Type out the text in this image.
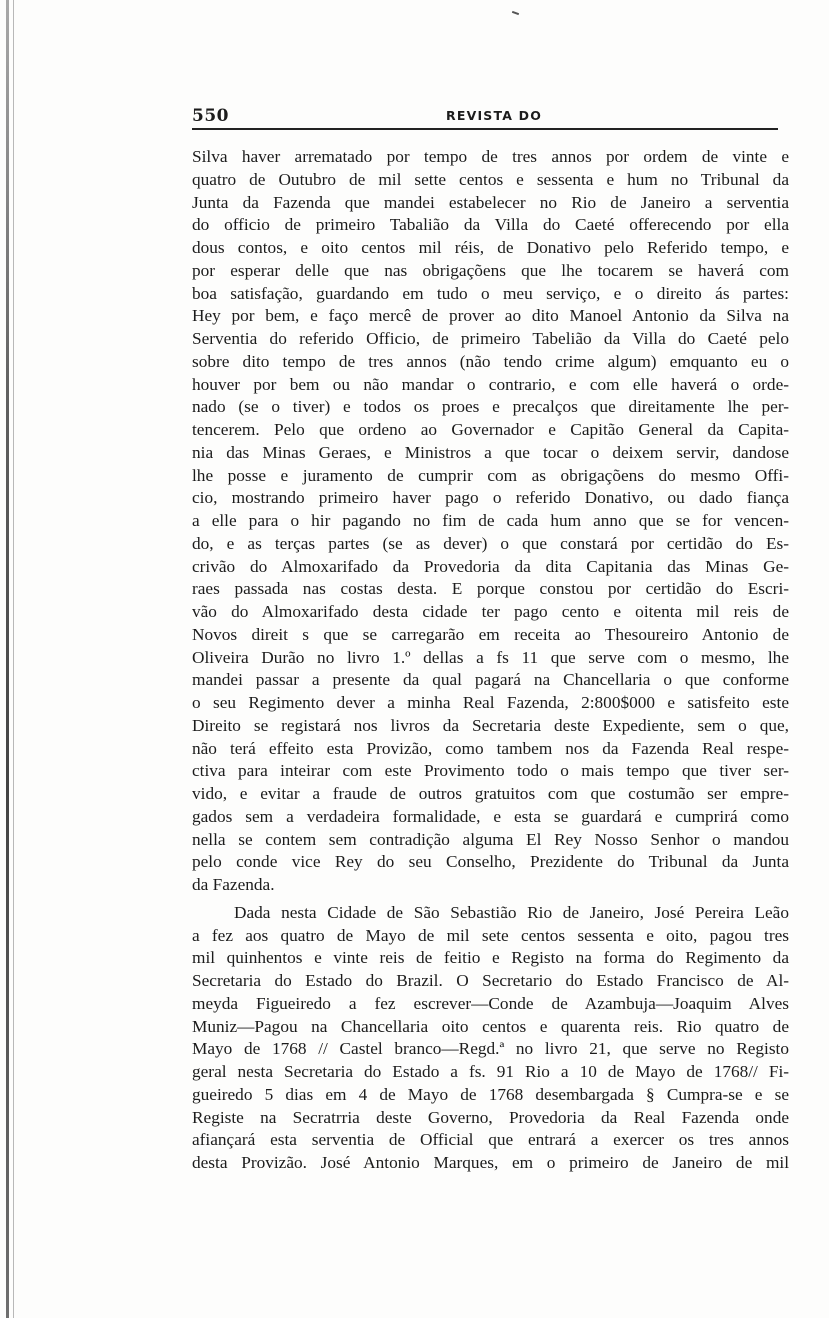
550	REVISTA DO
Silva haver arrematado por tempo de tres annos por ordem de vinte e
quatro de Outubro de mil sette centos e sessenta e hum no Tribunal da
Junta da Fazenda que mandei estabelecer no Rio de Janeiro a serventia
do officio de primeiro Tabalião da Villa do Caeté offerecendo por ella
dous contos, e oito centos mil réis, de Donativo pelo Referido tempo, e
por esperar delle que nas obrigaçõens que lhe tocarem se haverá com
boa satisfação, guardando em tudo o meu serviço, e o direito ás partes:
Hey por bem, e faço mercê de prover ao dito Manoel Antonio da Silva na
Serventia do referido Officio, de primeiro Tabelião da Villa do Caeté pelo
sobre dito tempo de tres annos (não tendo crime algum) emquanto eu o
houver por bem ou não mandar o contrario, e com elle haverá o orde-
nado (se o tiver) e todos os proes e precalços que direitamente lhe per-
tencerem. Pelo que ordeno ao Governador e Capitão General da Capita-
nia das Minas Geraes, e Ministros a que tocar o deixem servir, dandose
lhe posse e juramento de cumprir com as obrigaçõens do mesmo Offi-
cio, mostrando primeiro haver pago o referido Donativo, ou dado fiança
a elle para o hir pagando no fim de cada hum anno que se for vencen-
do, e as terças partes (se as dever) o que constará por certidão do Es-
crivão do Almoxarifado da Provedoria da dita Capitania das Minas Ge-
raes passada nas costas desta. E porque constou por certidão do Escri-
vão do Almoxarifado desta cidade ter pago cento e oitenta mil reis de
Novos direit s que se carregarão em receita ao Thesoureiro Antonio de
Oliveira Durão no livro 1.º dellas a fs 11 que serve com o mesmo, lhe
mandei passar a presente da qual pagará na Chancellaria o que conforme
o seu Regimento dever a minha Real Fazenda, 2:800$000 e satisfeito este
Direito se registará nos livros da Secretaria deste Expediente, sem o que,
não terá effeito esta Provizão, como tambem nos da Fazenda Real respe-
ctiva para inteirar com este Provimento todo o mais tempo que tiver ser-
vido, e evitar a fraude de outros gratuitos com que costumão ser empre-
gados sem a verdadeira formalidade, e esta se guardará e cumprirá como
nella se contem sem contradição alguma El Rey Nosso Senhor o mandou
pelo conde vice Rey do seu Conselho, Prezidente do Tribunal da Junta
da Fazenda.
Dada nesta Cidade de São Sebastião Rio de Janeiro, José Pereira Leão
a fez aos quatro de Mayo de mil sete centos sessenta e oito, pagou tres
mil quinhentos e vinte reis de feitio e Registo na forma do Regimento da
Secretaria do Estado do Brazil. O Secretario do Estado Francisco de Al-
meyda Figueiredo a fez escrever—Conde de Azambuja—Joaquim Alves
Muniz—Pagou na Chancellaria oito centos e quarenta reis. Rio quatro de
Mayo de 1768 // Castel branco—Regd.ª no livro 21, que serve no Registo
geral nesta Secretaria do Estado a fs. 91 Rio a 10 de Mayo de 1768// Fi-
gueiredo 5 dias em 4 de Mayo de 1768 desembargada § Cumpra-se e se
Registe na Secratrria deste Governo, Provedoria da Real Fazenda onde
afiançará esta serventia de Official que entrará a exercer os tres annos
desta Provizão. José Antonio Marques, em o primeiro de Janeiro de mil
